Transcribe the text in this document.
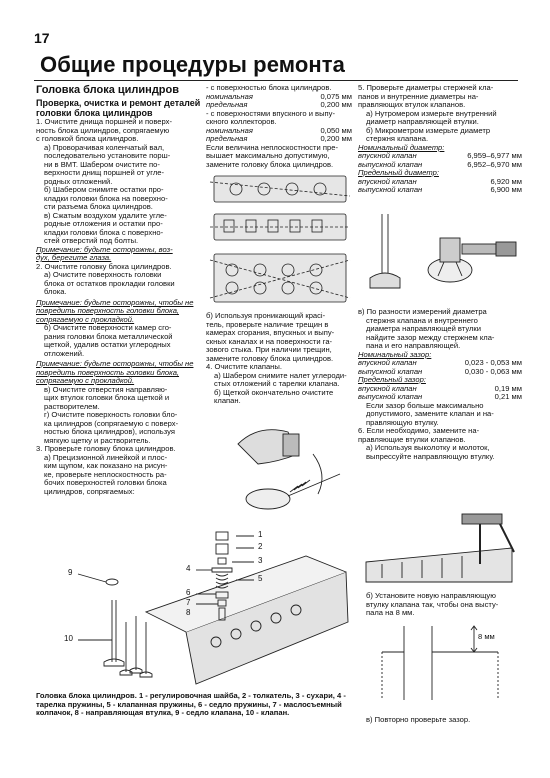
17
Общие процедуры ремонта
Головка блока цилиндров
Проверка, очистка и ремонт деталей головки блока цилиндров

1. Очистите днища поршней и поверх-

ность блока цилиндров, сопрягаемую

с головкой блока цилиндров.

а) Проворачивая коленчатый вал,

последовательно установите порш-

ни в ВМТ. Шабером очистите по-

верхности днищ поршней от угле-

родных отложений.

б) Шабером снимите остатки про-

кладки головки блока на поверхно-

сти разъема блока цилиндров.

в) Сжатым воздухом удалите угле-

родные отложения и остатки про-

кладки головки блока с поверхно-

стей отверстий под болты.

Примечание: будьте осторожны, воз-

дух, берегите глаза.

2. Очистите головку блока цилиндров.

а) Очистите поверхность головки

блока от остатков прокладки головки

блока.

Примечание: будьте осторожны, чтобы не повредить поверхность головки блока, сопрягаемую с прокладкой.

б) Очистите поверхности камер сго-

рания головки блока металлической

щеткой, удалив остатки углеродных

отложений.

Примечание: будьте осторожны, чтобы не повредить поверхность головки блока, сопрягаемую с прокладкой.

в) Очистите отверстия направляю-

щих втулок головки блока щеткой и

растворителем.

г) Очистите поверхность головки бло-

ка цилиндров (сопрягаемую с поверх-

ностью блока цилиндров), используя

мягкую щетку и растворитель.

3. Проверьте головку блока цилиндров.

а) Прецизионной линейкой и плос-

ким щупом, как показано на рисун-

ке, проверьте неплоскостность ра-

бочих поверхностей головки блока

цилиндров, сопрягаемых:

- с поверхностью блока цилиндров.

номинальная	0,075 мм
предельная	0,200 мм

- с поверхностями впускного и выпу-

скного коллекторов.

номинальная	0,050 мм
предельная	0,200 мм

Если величина неплоскостности пре-

вышает максимально допустимую,

замените головку блока цилиндров.

б) Используя проникающий красі-

тель, проверьте наличие трещин в

камерах сгорания, впускных и выпу-

скных каналах и на поверхности га-

зового стыка. При наличии трещин,

замените головку блока цилиндров.

4. Очистите клапаны.

а) Шабером снимите налет углероди-

стых отложений с тарелки клапана.

б) Щеткой окончательно очистите

клапан.

5. Проверьте диаметры стержней кла-

панов и внутренние диаметры на-

правляющих втулок клапанов.

а) Нутромером измерьте внутренний

диаметр направляющей втулки.

б) Микрометром измерьте диаметр

стержня клапана.

Номинальный диаметр:

впускной клапан	6,959–6,977 мм
выпускной клапан	6,952–6,970 мм

Предельный диаметр:

впускной клапан	6,920 мм
выпускной клапан	6,900 мм

в) По разности измерений диаметра

стержня клапана и внутреннего

диаметра направляющей втулки

найдите зазор между стержнем кла-

пана и его направляющей.

Номинальный зазор:

впускной клапан	0,023 - 0,053 мм
выпускной клапан	0,030 - 0,063 мм

Предельный зазор:

впускной клапан	0,19 мм
выпускной клапан	0,21 мм

Если зазор больше максимально

допустимого, замените клапан и на-

правляющую втулку.

6. Если необходимо, замените на-

правляющие втулки клапанов.

а) Используя выколотку и молоток,

выпрессуйте направляющую втулку.

б) Установите новую направляющую

втулку клапана так, чтобы она высту-

пала на 8 мм.

8 мм

в) Повторно проверьте зазор.

1
2
3
5
4
6
7
8
9
10
Головка блока цилиндров. 1 - регулировочная шайба, 2 - толкатель, 3 - сухари, 4 - тарелка пружины, 5 - клапанная пружины, 6 - седло пружины, 7 - маслосъемный колпачок, 8 - направляющая втулка, 9 - седло клапана, 10 - клапан.
